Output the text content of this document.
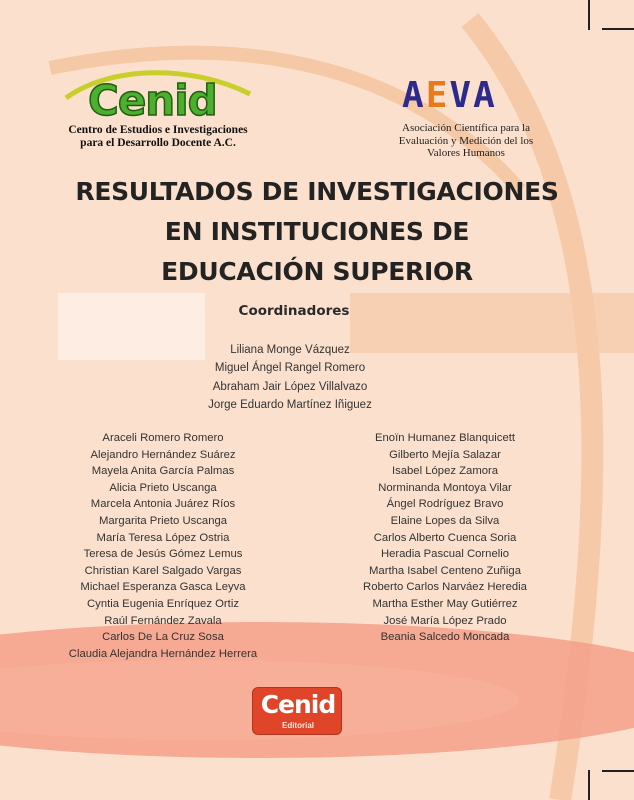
Cenid
Centro de Estudios e Investigaciones
para el Desarrollo Docente A.C.
AEVA
Asociación Científica para la
Evaluación y Medición del los
Valores Humanos
RESULTADOS DE INVESTIGACIONES
EN INSTITUCIONES DE
EDUCACIÓN SUPERIOR
Coordinadores
Liliana Monge Vázquez
Miguel Ángel Rangel Romero
Abraham Jair López Villalvazo
Jorge Eduardo Martínez Iñiguez
Araceli Romero Romero
Alejandro Hernández Suárez
Mayela Anita García Palmas
Alicia Prieto Uscanga
Marcela Antonia Juárez Ríos
Margarita Prieto Uscanga
María Teresa López Ostria
Teresa de Jesús Gómez Lemus
Christian Karel Salgado Vargas
Michael Esperanza Gasca Leyva
Cyntia Eugenia Enríquez Ortiz
Raúl Fernández Zavala
Carlos De La Cruz Sosa
Claudia Alejandra Hernández Herrera
Enoïn Humanez Blanquicett
Gilberto Mejía Salazar
Isabel López Zamora
Norminanda Montoya Vilar
Ángel Rodríguez Bravo
Elaine Lopes da Silva
Carlos Alberto Cuenca Soria
Heradia Pascual Cornelio
Martha Isabel Centeno Zuñiga
Roberto Carlos Narváez Heredia
Martha Esther May Gutiérrez
José María López Prado
Beania Salcedo Moncada
Cenid
Editorial
